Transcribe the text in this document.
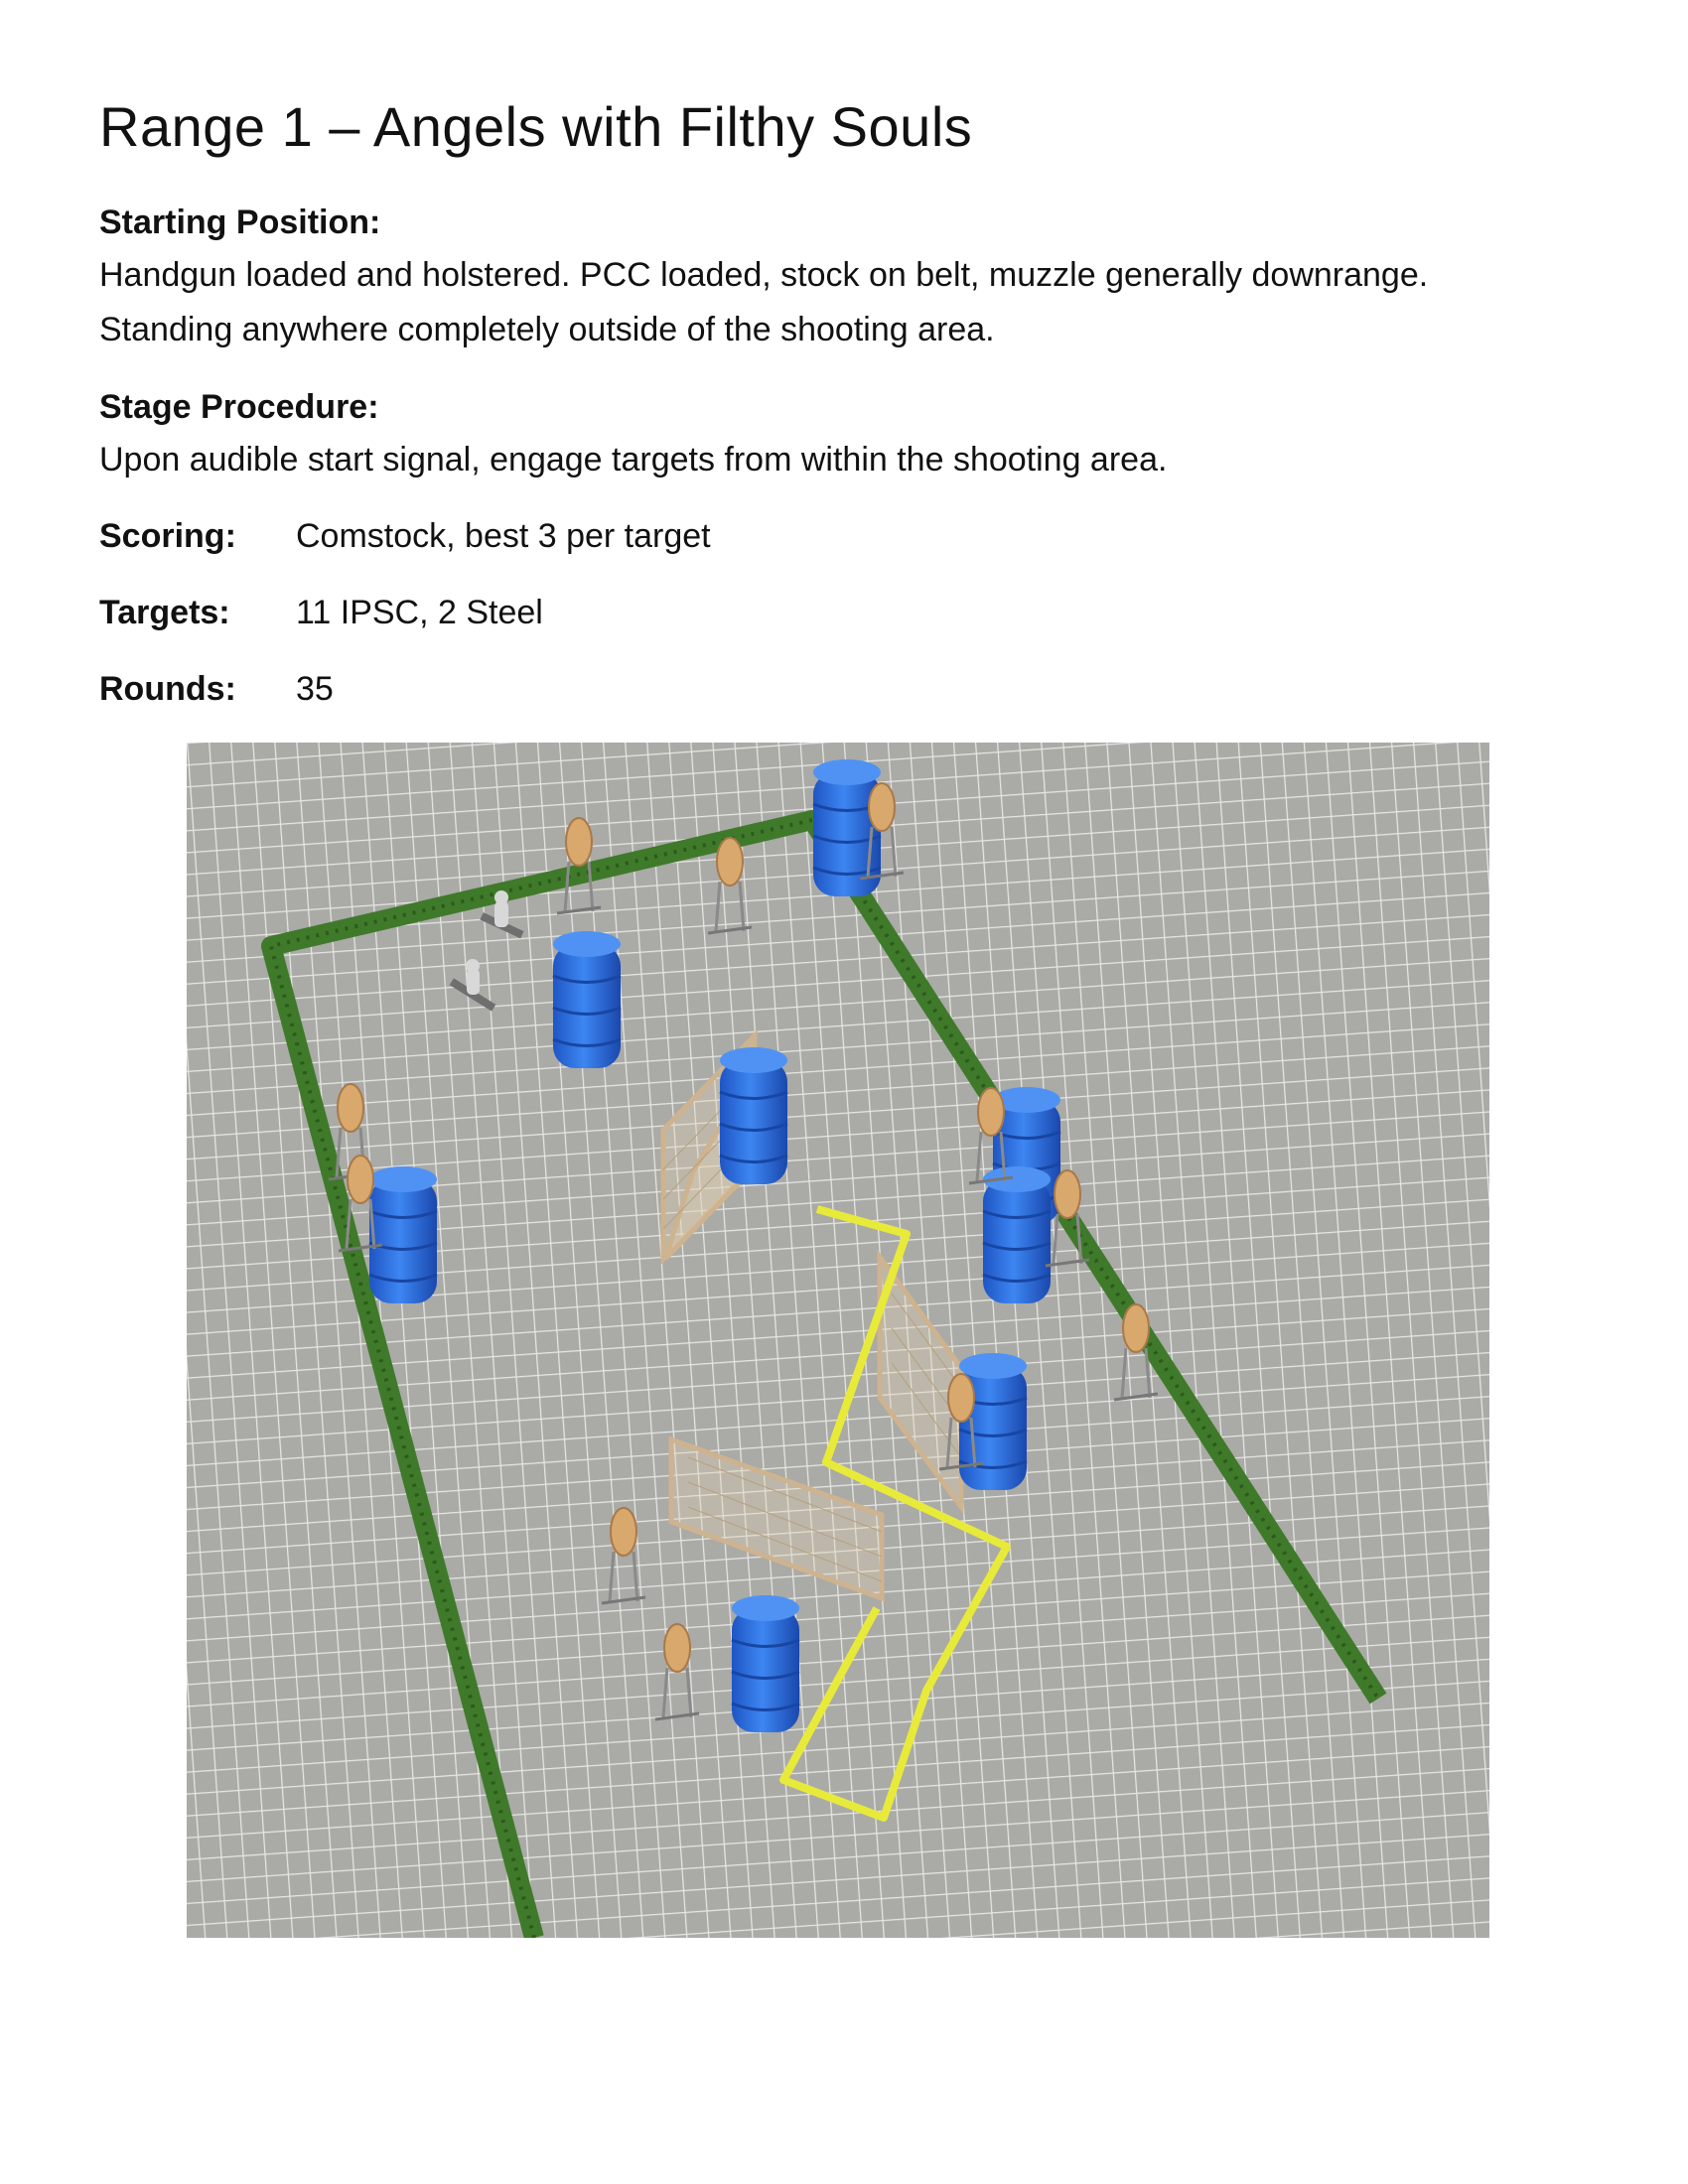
Range 1 – Angels with Filthy Souls
Starting Position:
Handgun loaded and holstered. PCC loaded, stock on belt, muzzle generally downrange.
Standing anywhere completely outside of the shooting area.
Stage Procedure:
Upon audible start signal, engage targets from within the shooting area.
Scoring: Comstock, best 3 per target
Targets: 11 IPSC, 2 Steel
Rounds: 35
